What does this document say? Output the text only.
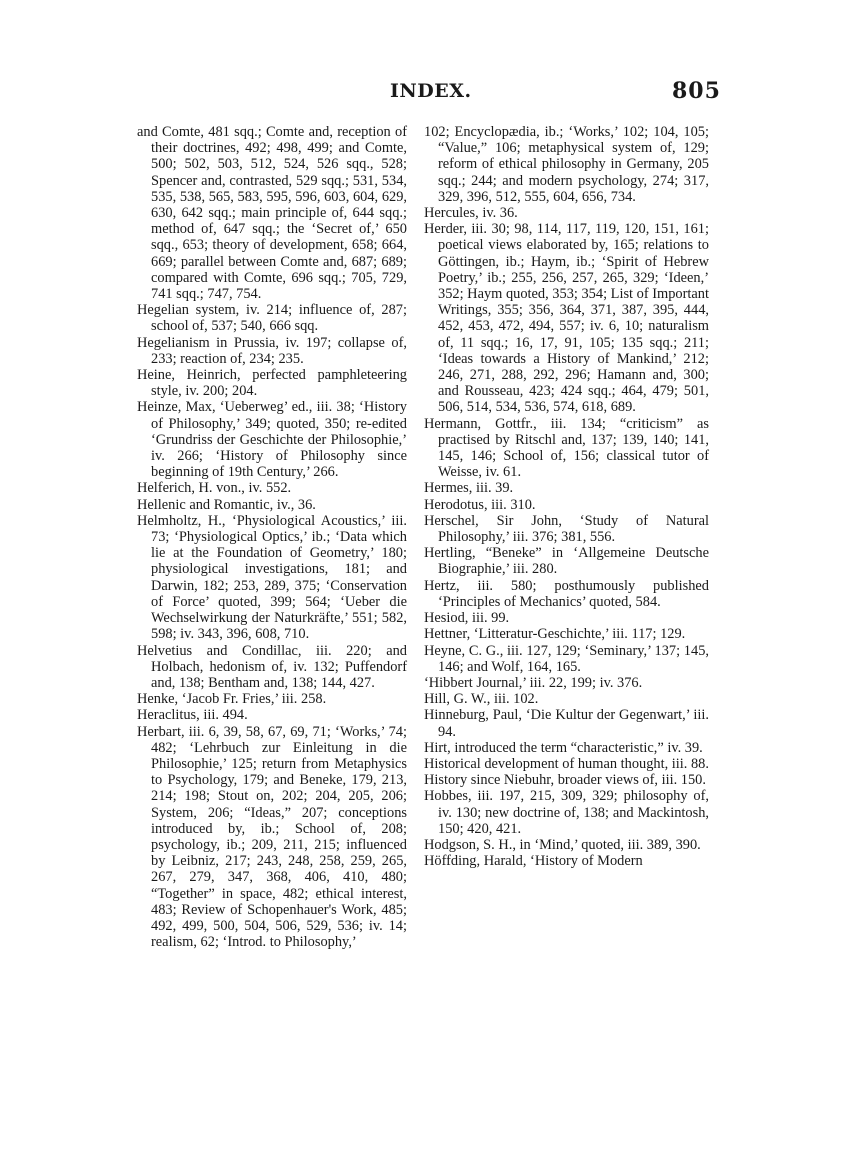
INDEX.	805

and Comte, 481 sqq.; Comte and, reception of their doctrines, 492; 498, 499; and Comte, 500; 502, 503, 512, 524, 526 sqq., 528; Spencer and, contrasted, 529 sqq.; 531, 534, 535, 538, 565, 583, 595, 596, 603, 604, 629, 630, 642 sqq.; main principle of, 644 sqq.; method of, 647 sqq.; the ‘Secret of,’ 650 sqq., 653; theory of development, 658; 664, 669; parallel between Comte and, 687; 689; compared with Comte, 696 sqq.; 705, 729, 741 sqq.; 747, 754.

Hegelian system, iv. 214; influence of, 287; school of, 537; 540, 666 sqq.

Hegelianism in Prussia, iv. 197; collapse of, 233; reaction of, 234; 235.

Heine, Heinrich, perfected pamphleteering style, iv. 200; 204.

Heinze, Max, ‘Ueberweg’ ed., iii. 38; ‘History of Philosophy,’ 349; quoted, 350; re-edited ‘Grundriss der Geschichte der Philosophie,’ iv. 266; ‘History of Philosophy since beginning of 19th Century,’ 266.

Helferich, H. von., iv. 552.

Hellenic and Romantic, iv., 36.

Helmholtz, H., ‘Physiological Acoustics,’ iii. 73; ‘Physiological Optics,’ ib.; ‘Data which lie at the Foundation of Geometry,’ 180; physiological investigations, 181; and Darwin, 182; 253, 289, 375; ‘Conservation of Force’ quoted, 399; 564; ‘Ueber die Wechselwirkung der Naturkräfte,’ 551; 582, 598; iv. 343, 396, 608, 710.

Helvetius and Condillac, iii. 220; and Holbach, hedonism of, iv. 132; Puffendorf and, 138; Bentham and, 138; 144, 427.

Henke, ‘Jacob Fr. Fries,’ iii. 258.

Heraclitus, iii. 494.

Herbart, iii. 6, 39, 58, 67, 69, 71; ‘Works,’ 74; 482; ‘Lehrbuch zur Einleitung in die Philosophie,’ 125; return from Metaphysics to Psychology, 179; and Beneke, 179, 213, 214; 198; Stout on, 202; 204, 205, 206; System, 206; “Ideas,” 207; conceptions introduced by, ib.; School of, 208; psychology, ib.; 209, 211, 215; influenced by Leibniz, 217; 243, 248, 258, 259, 265, 267, 279, 347, 368, 406, 410, 480; “Together” in space, 482; ethical interest, 483; Review of Schopenhauer's Work, 485; 492, 499, 500, 504, 506, 529, 536; iv. 14; realism, 62; ‘Introd. to Philosophy,’

102; Encyclopædia, ib.; ‘Works,’ 102; 104, 105; “Value,” 106; metaphysical system of, 129; reform of ethical philosophy in Germany, 205 sqq.; 244; and modern psychology, 274; 317, 329, 396, 512, 555, 604, 656, 734.

Hercules, iv. 36.

Herder, iii. 30; 98, 114, 117, 119, 120, 151, 161; poetical views elaborated by, 165; relations to Göttingen, ib.; Haym, ib.; ‘Spirit of Hebrew Poetry,’ ib.; 255, 256, 257, 265, 329; ‘Ideen,’ 352; Haym quoted, 353; 354; List of Important Writings, 355; 356, 364, 371, 387, 395, 444, 452, 453, 472, 494, 557; iv. 6, 10; naturalism of, 11 sqq.; 16, 17, 91, 105; 135 sqq.; 211; ‘Ideas towards a History of Mankind,’ 212; 246, 271, 288, 292, 296; Hamann and, 300; and Rousseau, 423; 424 sqq.; 464, 479; 501, 506, 514, 534, 536, 574, 618, 689.

Hermann, Gottfr., iii. 134; “criticism” as practised by Ritschl and, 137; 139, 140; 141, 145, 146; School of, 156; classical tutor of Weisse, iv. 61.

Hermes, iii. 39.

Herodotus, iii. 310.

Herschel, Sir John, ‘Study of Natural Philosophy,’ iii. 376; 381, 556.

Hertling, “Beneke” in ‘Allgemeine Deutsche Biographie,’ iii. 280.

Hertz, iii. 580; posthumously published ‘Principles of Mechanics’ quoted, 584.

Hesiod, iii. 99.

Hettner, ‘Litteratur-Geschichte,’ iii. 117; 129.

Heyne, C. G., iii. 127, 129; ‘Seminary,’ 137; 145, 146; and Wolf, 164, 165.

‘Hibbert Journal,’ iii. 22, 199; iv. 376.

Hill, G. W., iii. 102.

Hinneburg, Paul, ‘Die Kultur der Gegenwart,’ iii. 94.

Hirt, introduced the term “characteristic,” iv. 39.

Historical development of human thought, iii. 88.

History since Niebuhr, broader views of, iii. 150.

Hobbes, iii. 197, 215, 309, 329; philosophy of, iv. 130; new doctrine of, 138; and Mackintosh, 150; 420, 421.

Hodgson, S. H., in ‘Mind,’ quoted, iii. 389, 390.

Höffding, Harald, ‘History of Modern
